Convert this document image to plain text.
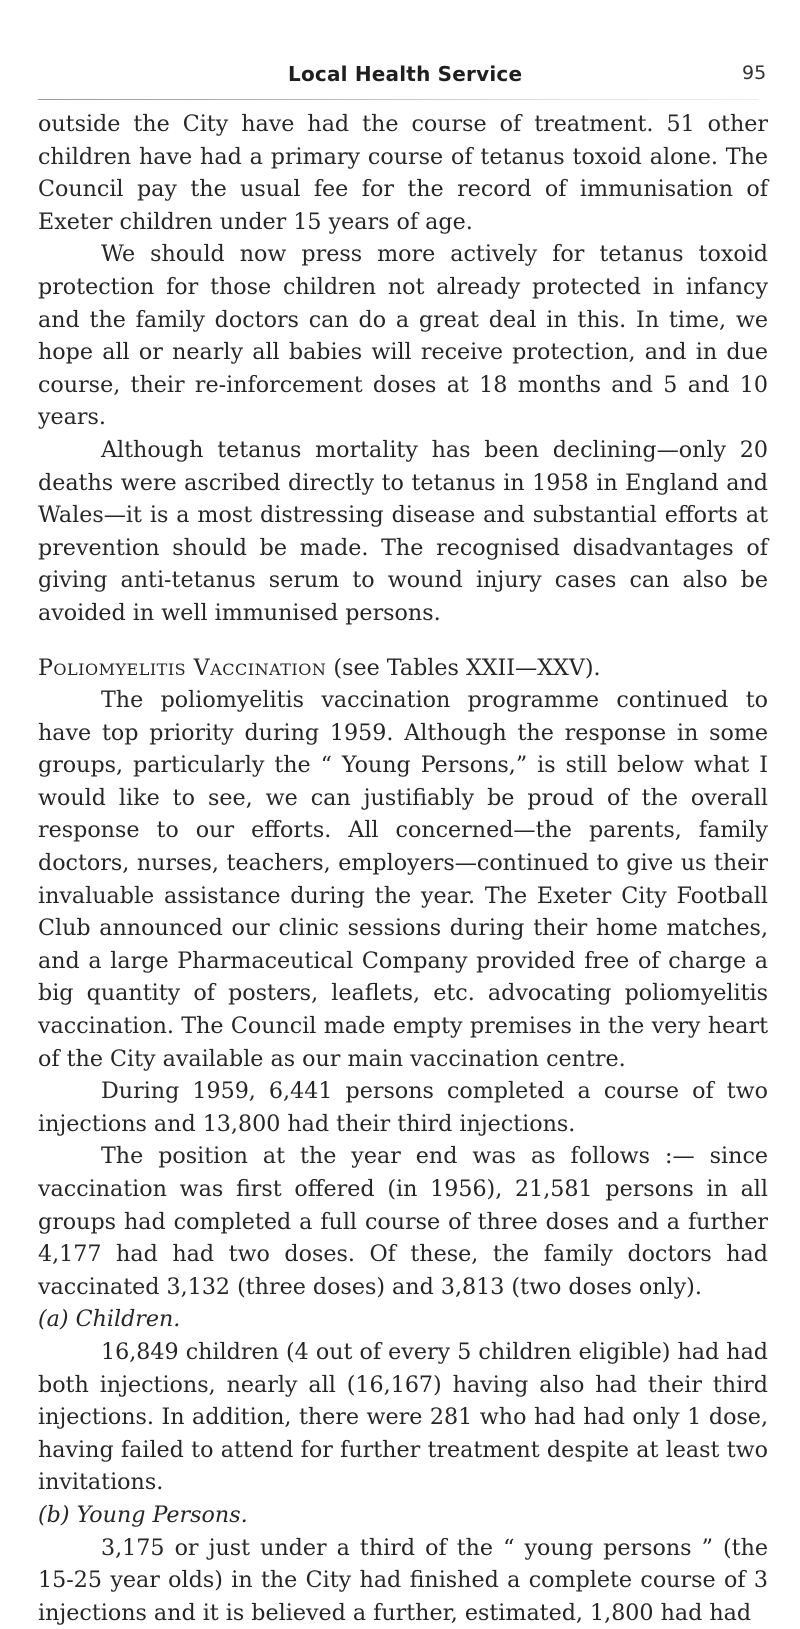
Local Health Service	95

outside the City have had the course of treatment. 51 other children have had a primary course of tetanus toxoid alone. The Council pay the usual fee for the record of immunisation of Exeter children under 15 years of age.

We should now press more actively for tetanus toxoid protection for those children not already protected in infancy and the family doctors can do a great deal in this. In time, we hope all or nearly all babies will receive protection, and in due course, their re-inforcement doses at 18 months and 5 and 10 years.

Although tetanus mortality has been declining—only 20 deaths were ascribed directly to tetanus in 1958 in England and Wales—it is a most distressing disease and substantial efforts at prevention should be made. The recognised disadvantages of giving anti-tetanus serum to wound injury cases can also be avoided in well immunised persons.

Poliomyelitis Vaccination (see Tables XXII—XXV).

The poliomyelitis vaccination programme continued to have top priority during 1959. Although the response in some groups, particularly the “ Young Persons,” is still below what I would like to see, we can justifiably be proud of the overall response to our efforts. All concerned—the parents, family doctors, nurses, teachers, employers—continued to give us their invaluable assistance during the year. The Exeter City Football Club announced our clinic sessions during their home matches, and a large Pharmaceutical Company provided free of charge a big quantity of posters, leaflets, etc. advocating poliomyelitis vaccination. The Council made empty premises in the very heart of the City available as our main vaccination centre.

During 1959, 6,441 persons completed a course of two injections and 13,800 had their third injections.

The position at the year end was as follows :— since vaccination was first offered (in 1956), 21,581 persons in all groups had completed a full course of three doses and a further 4,177 had had two doses. Of these, the family doctors had vaccinated 3,132 (three doses) and 3,813 (two doses only).

(a) Children.

16,849 children (4 out of every 5 children eligible) had had both injections, nearly all (16,167) having also had their third injections. In addition, there were 281 who had had only 1 dose, having failed to attend for further treatment despite at least two invitations.

(b) Young Persons.

3,175 or just under a third of the “ young persons ” (the 15-25 year olds) in the City had finished a complete course of 3 injections and it is believed a further, estimated, 1,800 had had
